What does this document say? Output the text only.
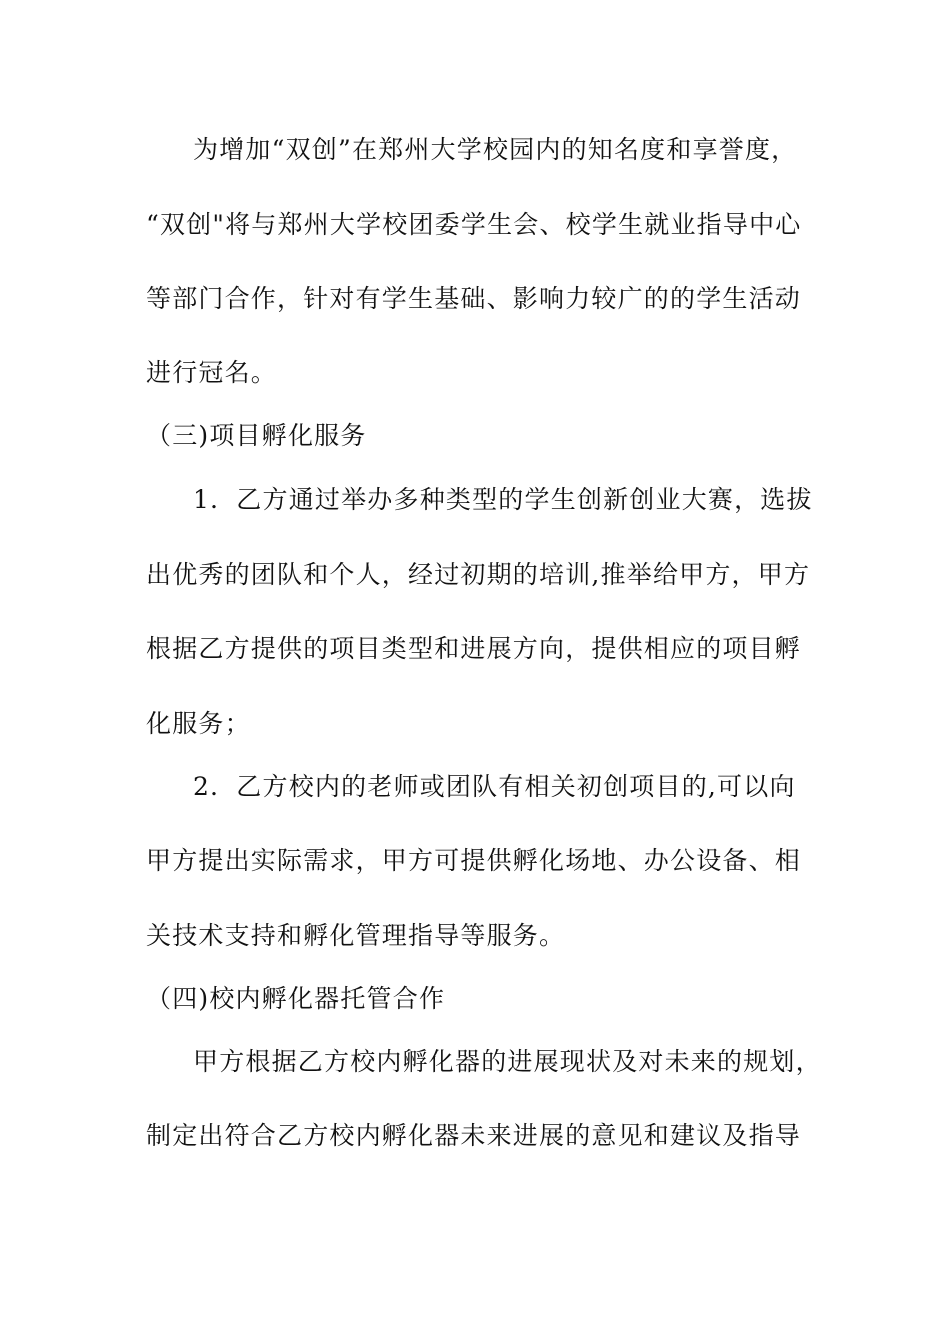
为增加“双创”在郑州大学校园内的知名度和享誉度，
“双创"将与郑州大学校团委学生会、校学生就业指导中心
等部门合作，针对有学生基础、影响力较广的的学生活动
进行冠名。
（三)项目孵化服务
1．乙方通过举办多种类型的学生创新创业大赛，选拔
出优秀的团队和个人，经过初期的培训,推举给甲方，甲方
根据乙方提供的项目类型和进展方向，提供相应的项目孵
化服务；
2．乙方校内的老师或团队有相关初创项目的,可以向
甲方提出实际需求，甲方可提供孵化场地、办公设备、相
关技术支持和孵化管理指导等服务。
（四)校内孵化器托管合作
甲方根据乙方校内孵化器的进展现状及对未来的规划，
制定出符合乙方校内孵化器未来进展的意见和建议及指导
